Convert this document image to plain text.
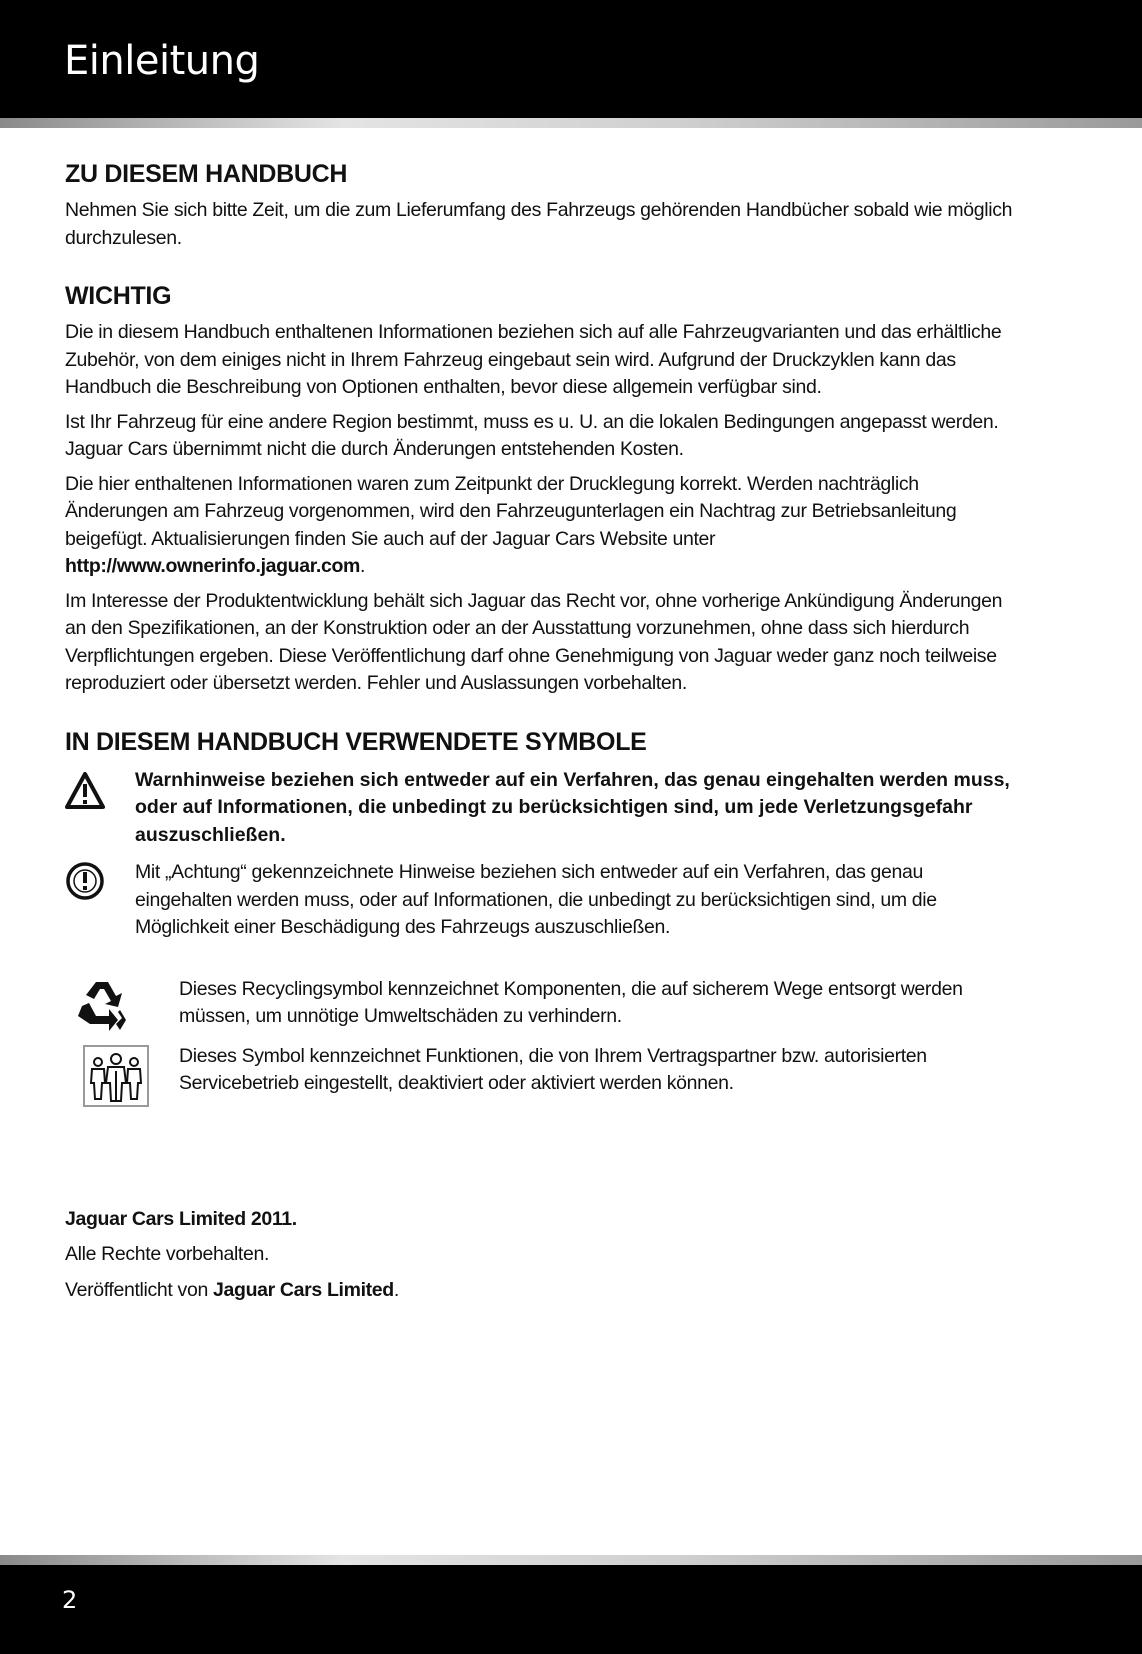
Einleitung
ZU DIESEM HANDBUCH

Nehmen Sie sich bitte Zeit, um die zum Lieferumfang des Fahrzeugs gehörenden Handbücher sobald wie möglich durchzulesen.

WICHTIG

Die in diesem Handbuch enthaltenen Informationen beziehen sich auf alle Fahrzeugvarianten und das erhältliche Zubehör, von dem einiges nicht in Ihrem Fahrzeug eingebaut sein wird. Aufgrund der Druckzyklen kann das Handbuch die Beschreibung von Optionen enthalten, bevor diese allgemein verfügbar sind.

Ist Ihr Fahrzeug für eine andere Region bestimmt, muss es u. U. an die lokalen Bedingungen angepasst werden. Jaguar Cars übernimmt nicht die durch Änderungen entstehenden Kosten.

Die hier enthaltenen Informationen waren zum Zeitpunkt der Drucklegung korrekt. Werden nachträglich Änderungen am Fahrzeug vorgenommen, wird den Fahrzeugunterlagen ein Nachtrag zur Betriebsanleitung beigefügt. Aktualisierungen finden Sie auch auf der Jaguar Cars Website unter
http://www.ownerinfo.jaguar.com.

Im Interesse der Produktentwicklung behält sich Jaguar das Recht vor, ohne vorherige Ankündigung Änderungen an den Spezifikationen, an der Konstruktion oder an der Ausstattung vorzunehmen, ohne dass sich hierdurch Verpflichtungen ergeben. Diese Veröffentlichung darf ohne Genehmigung von Jaguar weder ganz noch teilweise reproduziert oder übersetzt werden. Fehler und Auslassungen vorbehalten.

IN DIESEM HANDBUCH VERWENDETE SYMBOLE

Warnhinweise beziehen sich entweder auf ein Verfahren, das genau eingehalten werden muss, oder auf Informationen, die unbedingt zu berücksichtigen sind, um jede Verletzungsgefahr auszuschließen.

Mit „Achtung“ gekennzeichnete Hinweise beziehen sich entweder auf ein Verfahren, das genau eingehalten werden muss, oder auf Informationen, die unbedingt zu berücksichtigen sind, um die Möglichkeit einer Beschädigung des Fahrzeugs auszuschließen.

Dieses Recyclingsymbol kennzeichnet Komponenten, die auf sicherem Wege entsorgt werden müssen, um unnötige Umweltschäden zu verhindern.

Dieses Symbol kennzeichnet Funktionen, die von Ihrem Vertragspartner bzw. autorisierten Servicebetrieb eingestellt, deaktiviert oder aktiviert werden können.

Jaguar Cars Limited 2011.

Alle Rechte vorbehalten.

Veröffentlicht von Jaguar Cars Limited.

2
